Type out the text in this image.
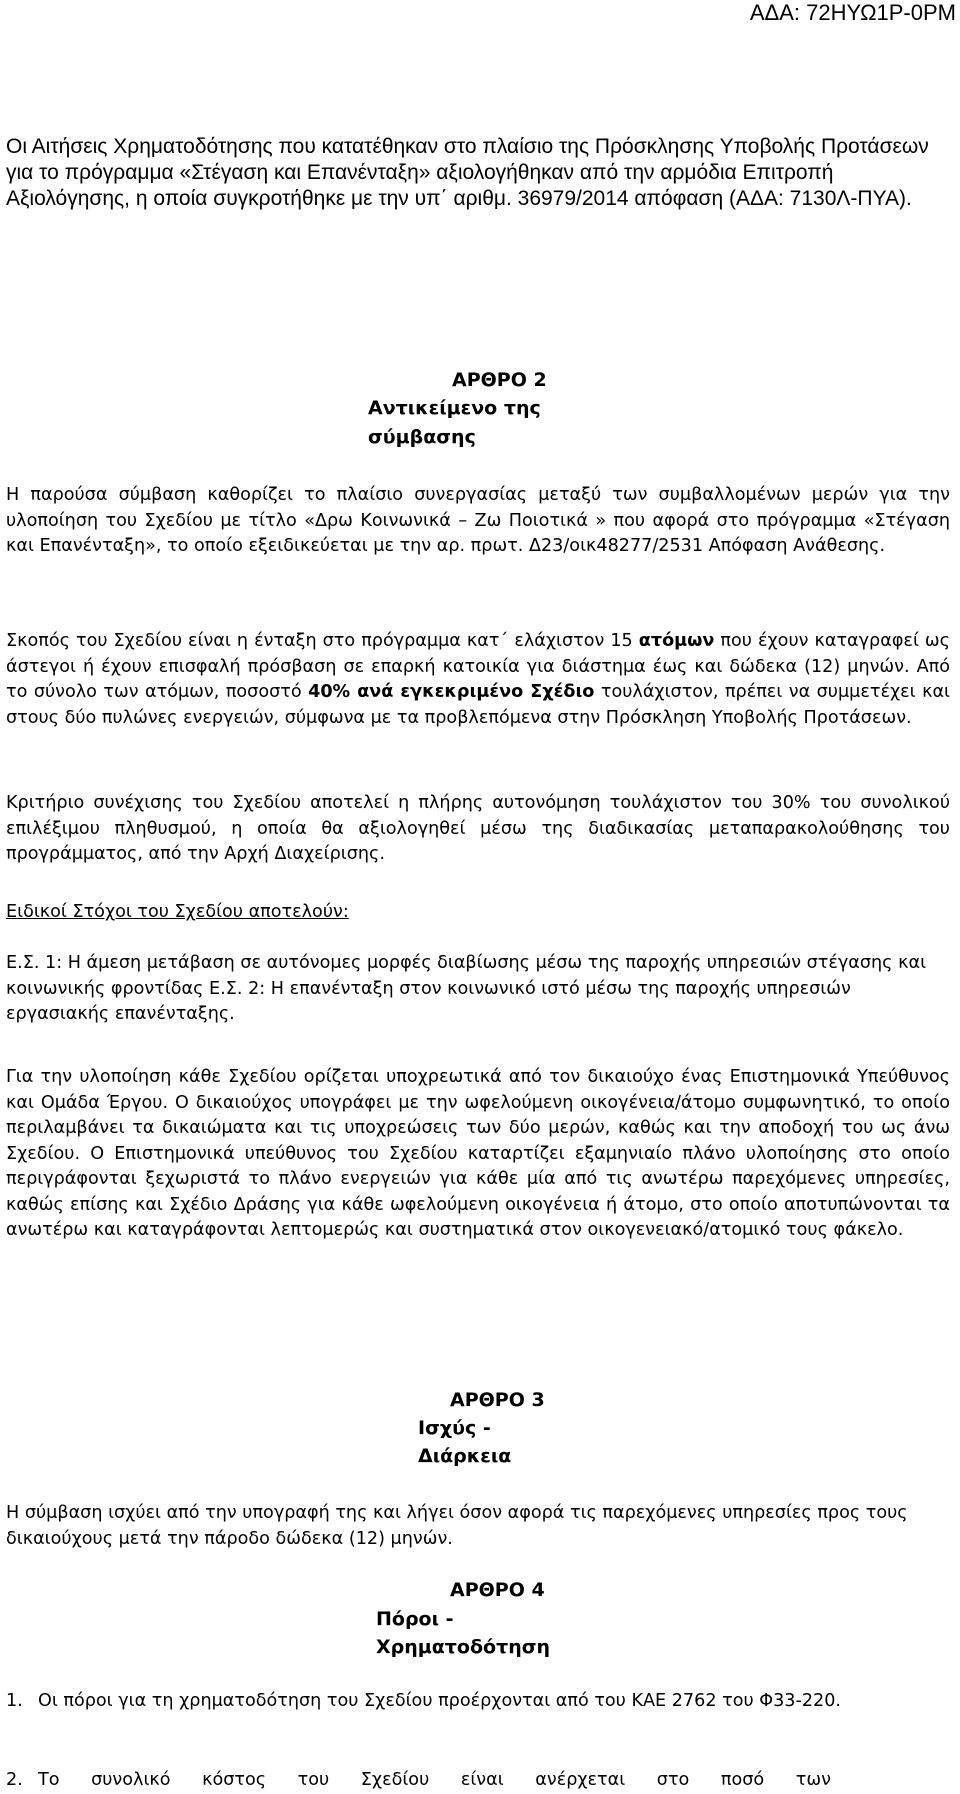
ΑΔΑ: 72ΗΥΩ1Ρ-0ΡΜ

Οι Αιτήσεις Χρηματοδότησης που κατατέθηκαν στο πλαίσιο της Πρόσκλησης Υποβολής Προτάσεων για το πρόγραμμα «Στέγαση και Επανένταξη» αξιολογήθηκαν από την αρμόδια Επιτροπή Αξιολόγησης, η οποία συγκροτήθηκε με την υπ΄ αριθμ. 36979/2014 απόφαση (ΑΔΑ: 7130Λ-ΠΥΑ).

ΑΡΘΡΟ 2
Αντικείμενο της
σύμβασης

Η παρούσα σύμβαση καθορίζει το πλαίσιο συνεργασίας μεταξύ των συμβαλλομένων μερών για την υλοποίηση του Σχεδίου με τίτλο «Δρω Κοινωνικά – Ζω Ποιοτικά » που αφορά στο πρόγραμμα «Στέγαση και Επανένταξη», το οποίο εξειδικεύεται με την αρ. πρωτ. Δ23/οικ48277/2531 Απόφαση Ανάθεσης.

Σκοπός του Σχεδίου είναι η ένταξη στο πρόγραμμα κατ΄ ελάχιστον 15 ατόμων που έχουν καταγραφεί ως άστεγοι ή έχουν επισφαλή πρόσβαση σε επαρκή κατοικία για διάστημα έως και δώδεκα (12) μηνών. Από το σύνολο των ατόμων, ποσοστό 40% ανά εγκεκριμένο Σχέδιο τουλάχιστον, πρέπει να συμμετέχει και στους δύο πυλώνες ενεργειών, σύμφωνα με τα προβλεπόμενα στην Πρόσκληση Υποβολής Προτάσεων.

Κριτήριο συνέχισης του Σχεδίου αποτελεί η πλήρης αυτονόμηση τουλάχιστον του 30% του συνολικού επιλέξιμου πληθυσμού, η οποία θα αξιολογηθεί μέσω της διαδικασίας μεταπαρακολούθησης του προγράμματος, από την Αρχή Διαχείρισης.

Ειδικοί Στόχοι του Σχεδίου αποτελούν:

Ε.Σ. 1: Η άμεση μετάβαση σε αυτόνομες μορφές διαβίωσης μέσω της παροχής υπηρεσιών στέγασης και κοινωνικής φροντίδας Ε.Σ. 2: Η επανένταξη στον κοινωνικό ιστό μέσω της παροχής υπηρεσιών εργασιακής επανένταξης.

Για την υλοποίηση κάθε Σχεδίου ορίζεται υποχρεωτικά από τον δικαιούχο ένας Επιστημονικά Υπεύθυνος και Ομάδα Έργου. Ο δικαιούχος υπογράφει με την ωφελούμενη οικογένεια/άτομο συμφωνητικό, το οποίο περιλαμβάνει τα δικαιώματα και τις υποχρεώσεις των δύο μερών, καθώς και την αποδοχή του ως άνω Σχεδίου. Ο Επιστημονικά υπεύθυνος του Σχεδίου καταρτίζει εξαμηνιαίο πλάνο υλοποίησης στο οποίο περιγράφονται ξεχωριστά το πλάνο ενεργειών για κάθε μία από τις ανωτέρω παρεχόμενες υπηρεσίες, καθώς επίσης και Σχέδιο Δράσης για κάθε ωφελούμενη οικογένεια ή άτομο, στο οποίο αποτυπώνονται τα ανωτέρω και καταγράφονται λεπτομερώς και συστηματικά στον οικογενειακό/ατομικό τους φάκελο.

ΑΡΘΡΟ 3
Ισχύς -
Διάρκεια

Η σύμβαση ισχύει από την υπογραφή της και λήγει όσον αφορά τις παρεχόμενες υπηρεσίες προς τους δικαιούχους μετά την πάροδο δώδεκα (12) μηνών.

ΑΡΘΡΟ 4
Πόροι -
Χρηματοδότηση

1. Οι πόροι για τη χρηματοδότηση του Σχεδίου προέρχονται από του ΚΑΕ 2762 του Φ33-220.

2. Το συνολικό κόστος του Σχεδίου είναι ανέρχεται στο ποσό των
